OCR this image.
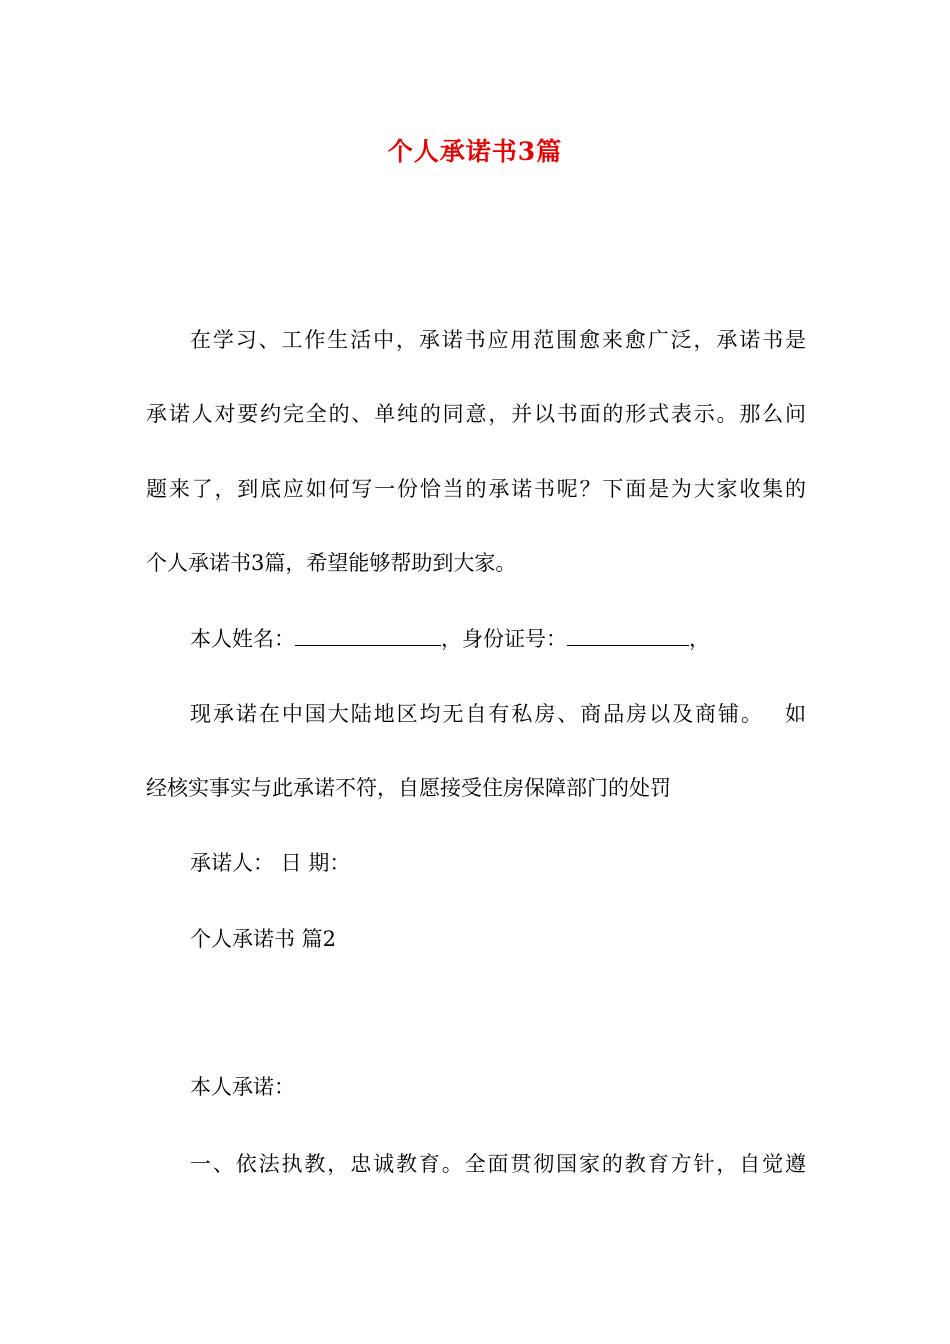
个人承诺书3篇
在学习、工作生活中，承诺书应用范围愈来愈广泛，承诺书是
承诺人对要约完全的、单纯的同意，并以书面的形式表示。那么问
题来了，到底应如何写一份恰当的承诺书呢？下面是为大家收集的
个人承诺书3篇，希望能够帮助到大家。
本人姓名：	，身份证号：	，
现承诺在中国大陆地区均无自有私房、商品房以及商铺。　 如
经核实事实与此承诺不符，自愿接受住房保障部门的处罚
承诺人： 日 期：
个人承诺书 篇2
本人承诺：
一、依法执教，忠诚教育。全面贯彻国家的教育方针，自觉遵
